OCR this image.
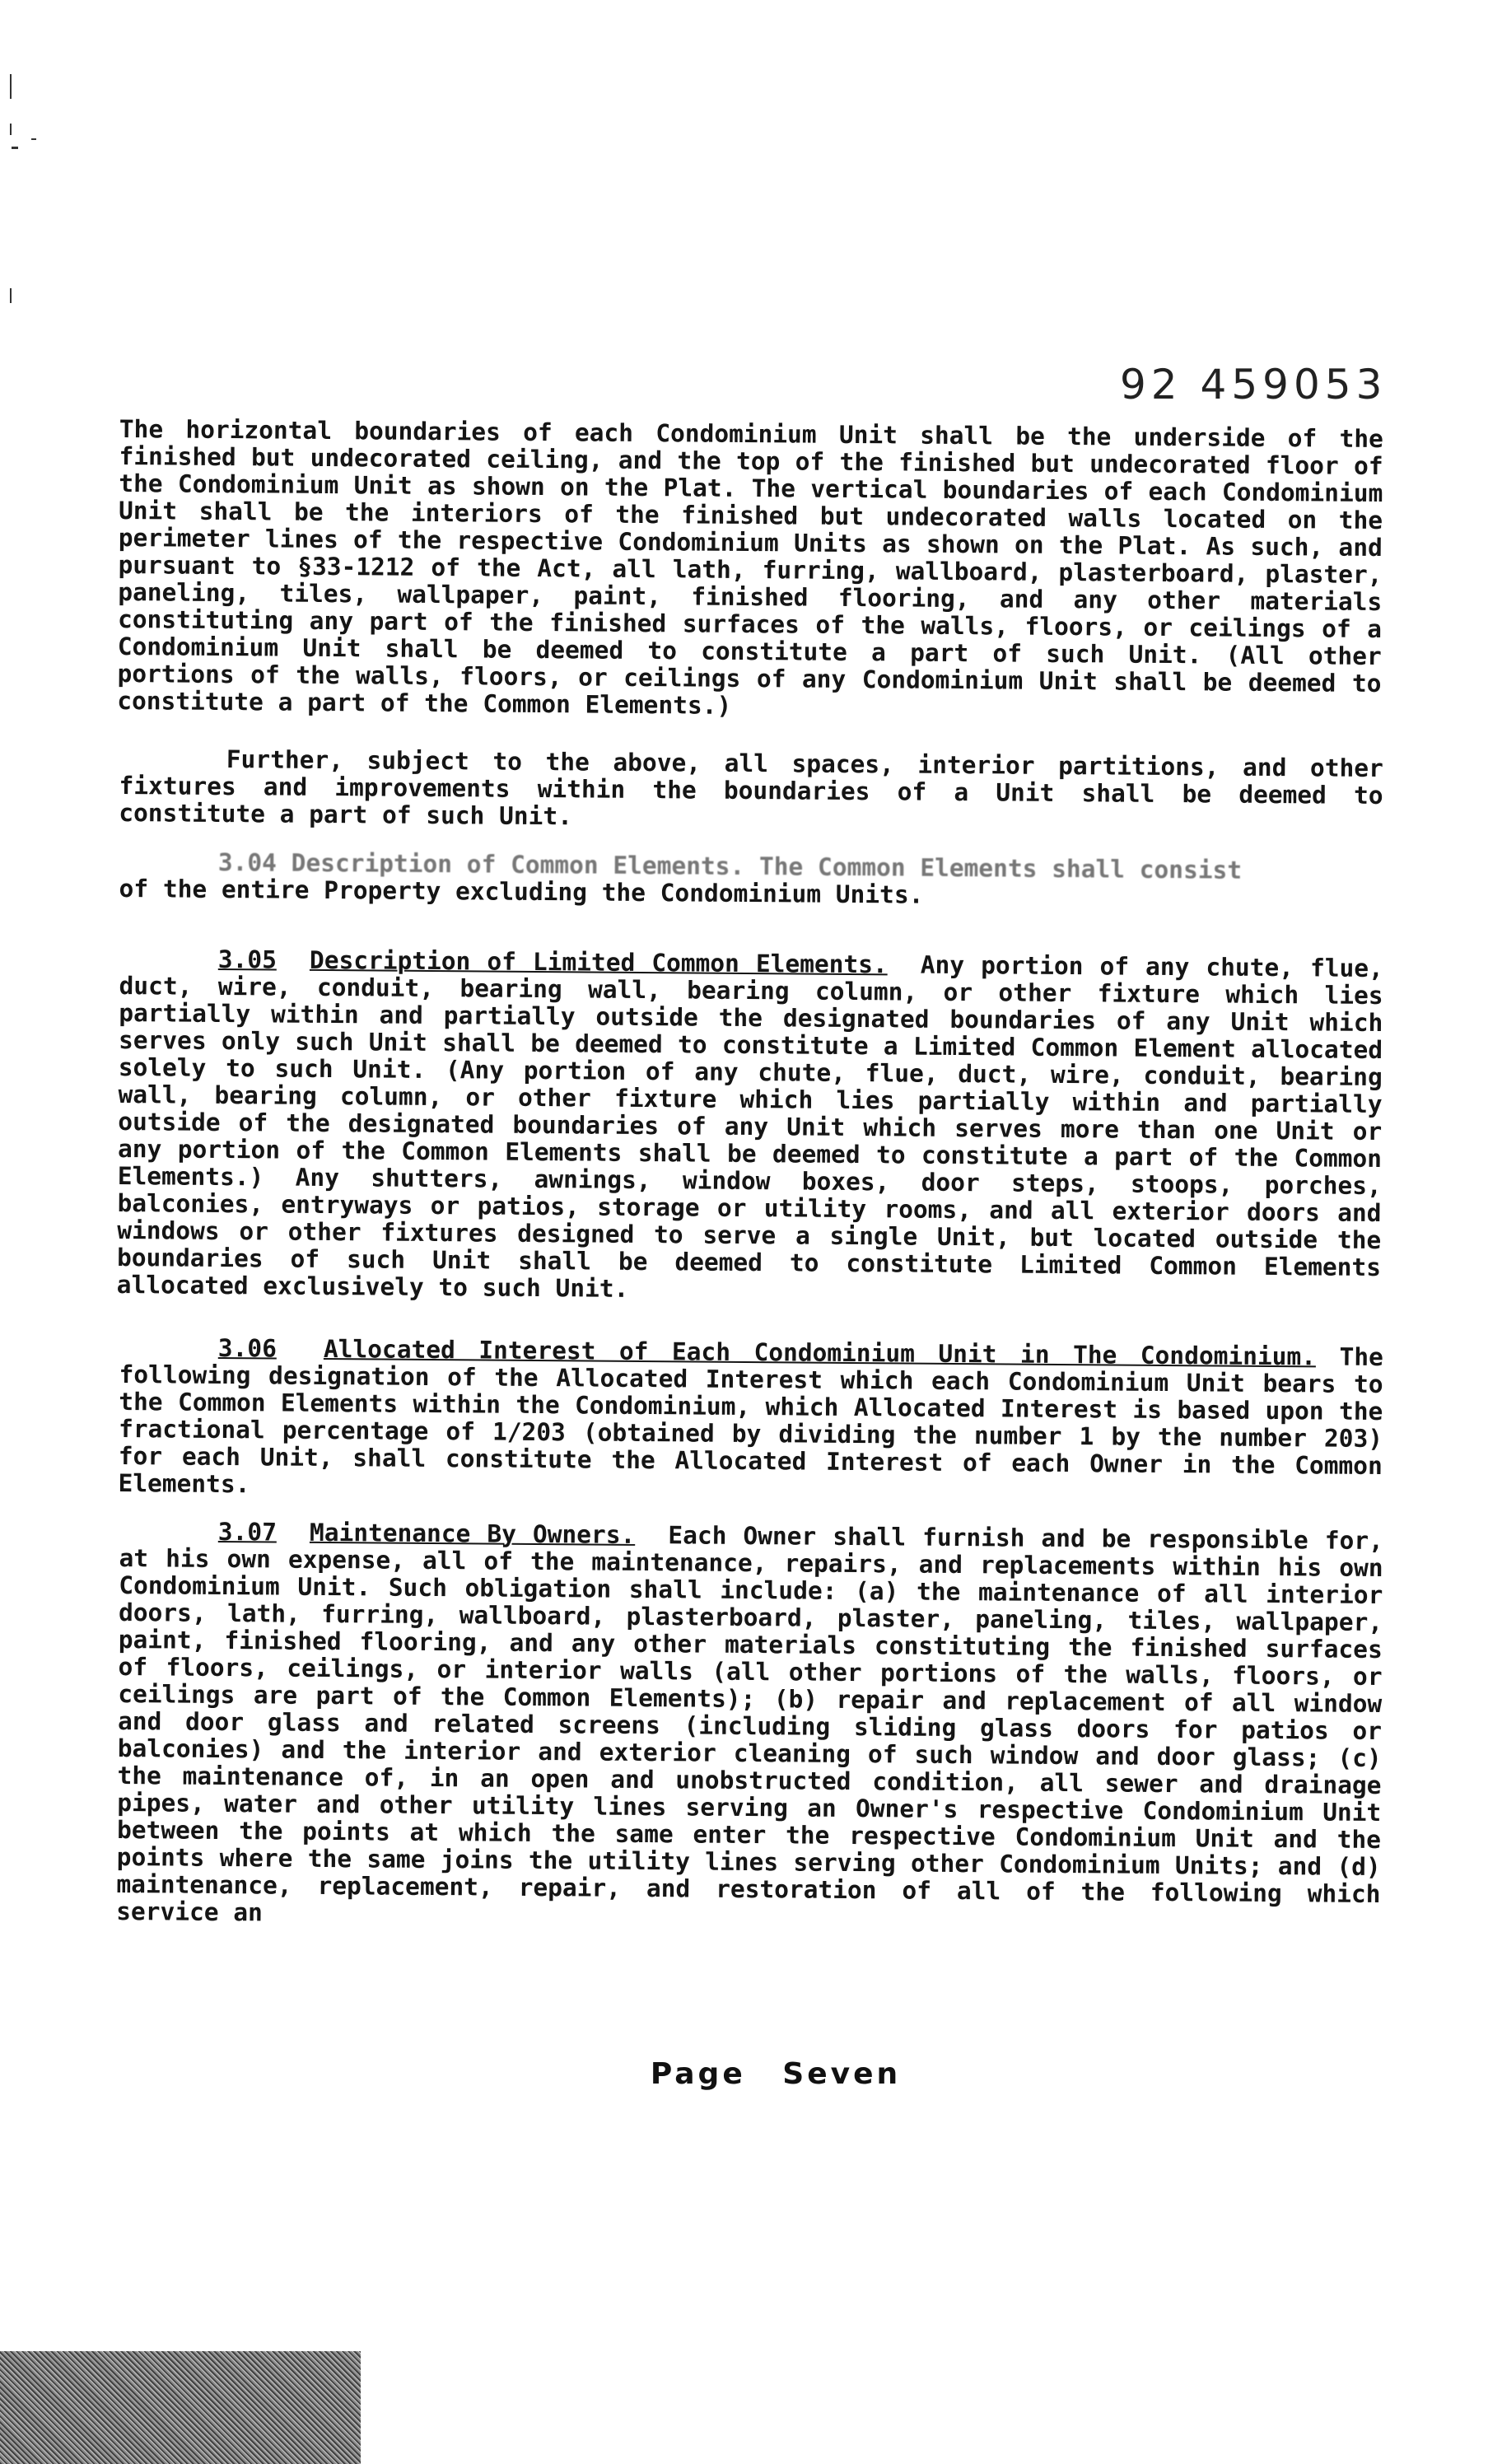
92 459053

The horizontal boundaries of each Condominium Unit shall be the underside of the finished but undecorated ceiling, and the top of the finished but undecorated floor of the Condominium Unit as shown on the Plat. The vertical boundaries of each Condominium Unit shall be the interiors of the finished but undecorated walls located on the perimeter lines of the respective Condominium Units as shown on the Plat. As such, and pursuant to §33-1212 of the Act, all lath, furring, wallboard, plasterboard, plaster, paneling, tiles, wallpaper, paint, finished flooring, and any other materials constituting any part of the finished surfaces of the walls, floors, or ceilings of a Condominium Unit shall be deemed to constitute a part of such Unit. (All other portions of the walls, floors, or ceilings of any Condominium Unit shall be deemed to constitute a part of the Common Elements.)

Further, subject to the above, all spaces, interior partitions, and other fixtures and improvements within the boundaries of a Unit shall be deemed to constitute a part of such Unit.

3.04 Description of Common Elements. The Common Elements shall consist
of the entire Property excluding the Condominium Units.
3.05 Description of Limited Common Elements. Any portion of any chute, flue, duct, wire, conduit, bearing wall, bearing column, or other fixture which lies partially within and partially outside the designated boundaries of any Unit which serves only such Unit shall be deemed to constitute a Limited Common Element allocated solely to such Unit. (Any portion of any chute, flue, duct, wire, conduit, bearing wall, bearing column, or other fixture which lies partially within and partially outside of the designated boundaries of any Unit which serves more than one Unit or any portion of the Common Elements shall be deemed to constitute a part of the Common Elements.) Any shutters, awnings, window boxes, door steps, stoops, porches, balconies, entryways or patios, storage or utility rooms, and all exterior doors and windows or other fixtures designed to serve a single Unit, but located outside the boundaries of such Unit shall be deemed to constitute Limited Common Elements allocated exclusively to such Unit.
3.06 Allocated Interest of Each Condominium Unit in The Condominium. The following designation of the Allocated Interest which each Condominium Unit bears to the Common Elements within the Condominium, which Allocated Interest is based upon the fractional percentage of 1/203 (obtained by dividing the number 1 by the number 203) for each Unit, shall constitute the Allocated Interest of each Owner in the Common Elements.
3.07 Maintenance By Owners. Each Owner shall furnish and be responsible for, at his own expense, all of the maintenance, repairs, and replacements within his own Condominium Unit. Such obligation shall include: (a) the maintenance of all interior doors, lath, furring, wallboard, plasterboard, plaster, paneling, tiles, wallpaper, paint, finished flooring, and any other materials constituting the finished surfaces of floors, ceilings, or interior walls (all other portions of the walls, floors, or ceilings are part of the Common Elements); (b) repair and replacement of all window and door glass and related screens (including sliding glass doors for patios or balconies) and the interior and exterior cleaning of such window and door glass; (c) the maintenance of, in an open and unobstructed condition, all sewer and drainage pipes, water and other utility lines serving an Owner's respective Condominium Unit between the points at which the same enter the respective Condominium Unit and the points where the same joins the utility lines serving other Condominium Units; and (d) maintenance, replacement, repair, and restoration of all of the following which service an
Page Seven
